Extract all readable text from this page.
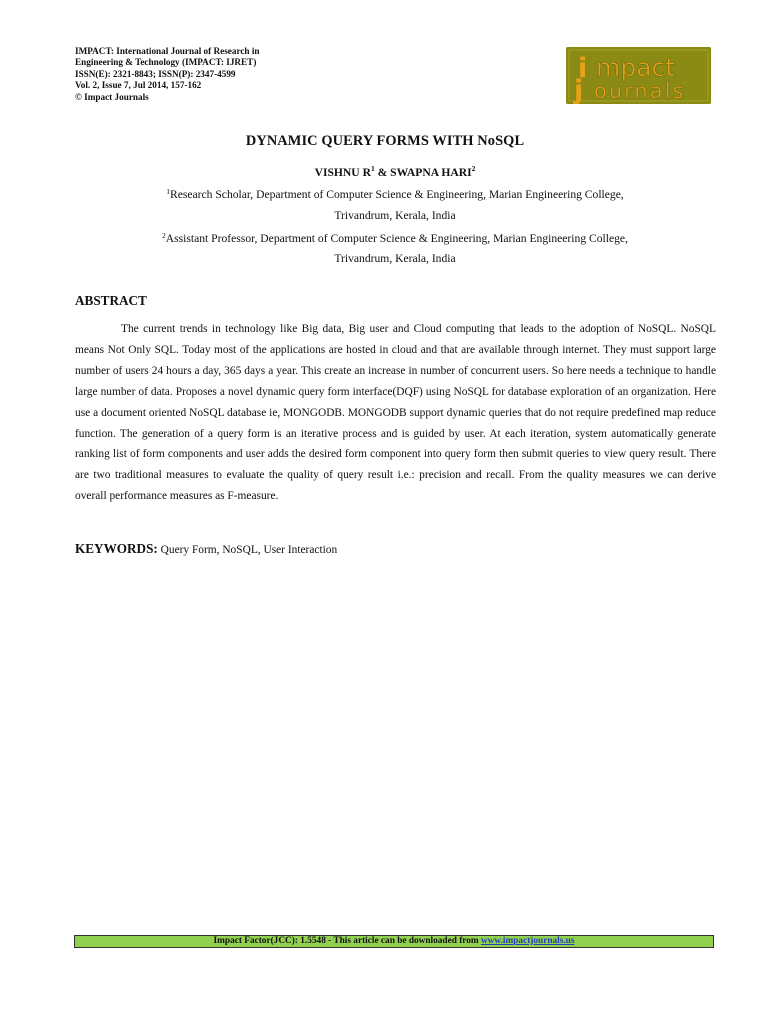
IMPACT: International Journal of Research in
Engineering & Technology (IMPACT: IJRET)
ISSN(E): 2321-8843; ISSN(P): 2347-4599
Vol. 2, Issue 7, Jul 2014, 157-162
© Impact Journals
i mpact
j ournals
DYNAMIC QUERY FORMS WITH NoSQL
VISHNU $R^1$ & SWAPNA HARI$^2$
$^1$Research Scholar, Department of Computer Science & Engineering, Marian Engineering College,
Trivandrum, Kerala, India
$^2$Assistant Professor, Department of Computer Science & Engineering, Marian Engineering College,
Trivandrum, Kerala, India
ABSTRACT

The current trends in technology like Big data, Big user and Cloud computing that leads to the adoption of NoSQL. NoSQL means Not Only SQL. Today most of the applications are hosted in cloud and that are available through internet. They must support large number of users 24 hours a day, 365 days a year. This create an increase in number of concurrent users. So here needs a technique to handle large number of data. Proposes a novel dynamic query form interface(DQF) using NoSQL for database exploration of an organization. Here use a document oriented NoSQL database ie, MONGODB. MONGODB support dynamic queries that do not require predefined map reduce function. The generation of a query form is an iterative process and is guided by user. At each iteration, system automatically generate ranking list of form components and user adds the desired form component into query form then submit queries to view query result. There are two traditional measures to evaluate the quality of query result i.e.: precision and recall. From the quality measures we can derive overall performance measures as F-measure.

KEYWORDS: Query Form, NoSQL, User Interaction
Impact Factor(JCC): 1.5548 - This article can be downloaded from www.impactjournals.us
